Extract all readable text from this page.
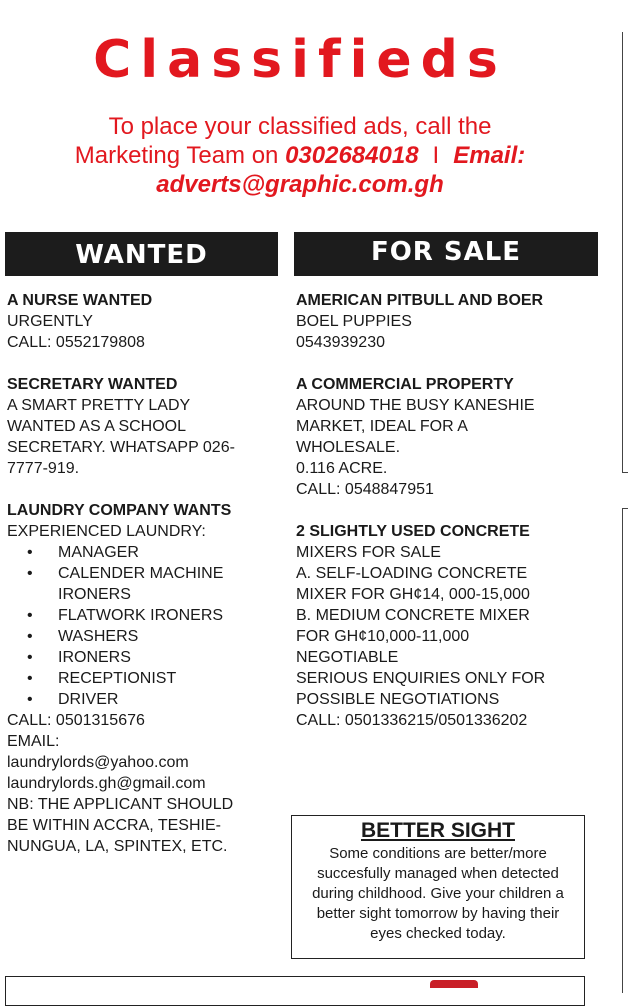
Classifieds
To place your classified ads, call the
Marketing Team on 0302684018 I Email:
adverts@graphic.com.gh
WANTED	FOR SALE
A NURSE WANTED
URGENTLY
CALL: 0552179808
SECRETARY WANTED
A SMART PRETTY LADY
WANTED AS A SCHOOL
SECRETARY. WHATSAPP 026-
7777-919.
LAUNDRY COMPANY WANTS
EXPERIENCED LAUNDRY:
• MANAGER
• CALENDER MACHINE
IRONERS
• FLATWORK IRONERS
• WASHERS
• IRONERS
• RECEPTIONIST
• DRIVER
CALL: 0501315676
EMAIL:
laundrylords@yahoo.com
laundrylords.gh@gmail.com
NB: THE APPLICANT SHOULD
BE WITHIN ACCRA, TESHIE-
NUNGUA, LA, SPINTEX, ETC.
AMERICAN PITBULL AND BOER
BOEL PUPPIES
0543939230
A COMMERCIAL PROPERTY
AROUND THE BUSY KANESHIE
MARKET, IDEAL FOR A
WHOLESALE.
0.116 ACRE.
CALL: 0548847951
2 SLIGHTLY USED CONCRETE
MIXERS FOR SALE
A. SELF-LOADING CONCRETE
MIXER FOR GH¢14, 000-15,000
B. MEDIUM CONCRETE MIXER
FOR GH¢10,000-11,000
NEGOTIABLE
SERIOUS ENQUIRIES ONLY FOR
POSSIBLE NEGOTIATIONS
CALL: 0501336215/0501336202
BETTER SIGHT
Some conditions are better/more
succesfully managed when detected
during childhood. Give your children a
better sight tomorrow by having their
eyes checked today.
